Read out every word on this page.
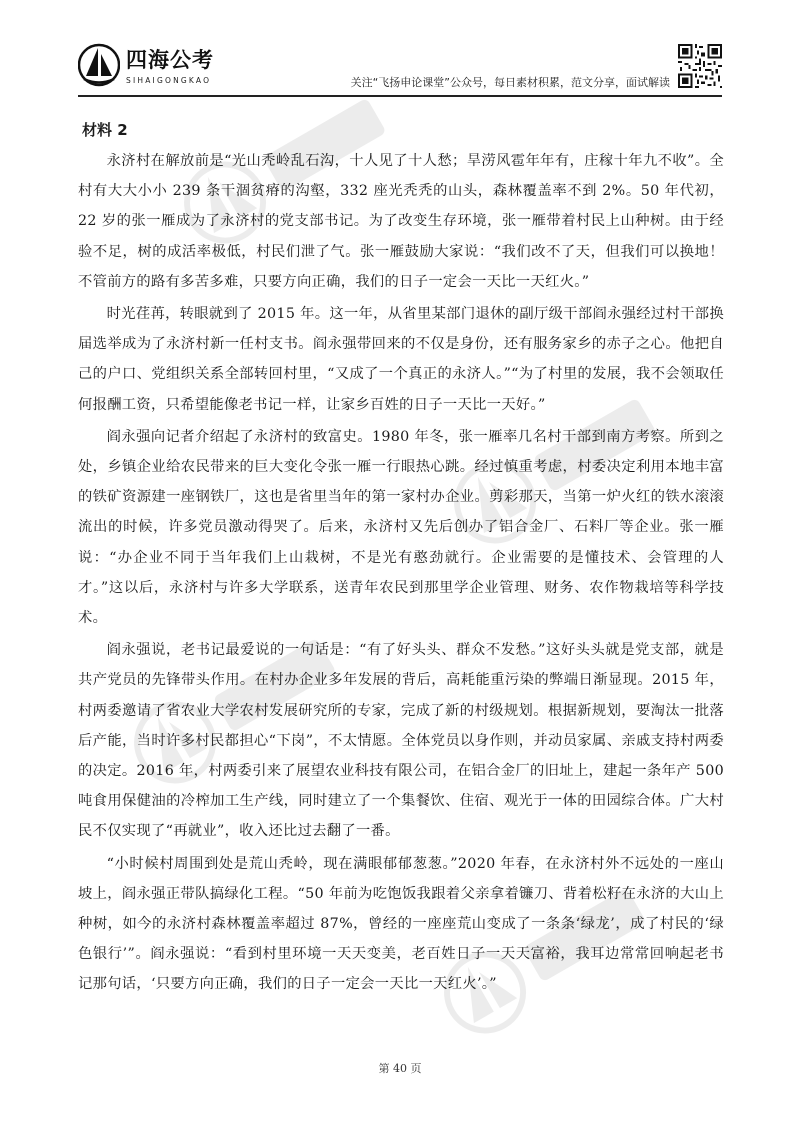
四海公考
SIHAIGONGKAO	关注“飞扬申论课堂”公众号，每日素材积累，范文分享，面试解读
材料 2

永济村在解放前是“光山秃岭乱石沟，十人见了十人愁；旱涝风雹年年有，庄稼十年九不收”。全村有大大小小 239 条干涸贫瘠的沟壑，332 座光秃秃的山头，森林覆盖率不到 2%。50 年代初，22 岁的张一雁成为了永济村的党支部书记。为了改变生存环境，张一雁带着村民上山种树。由于经验不足，树的成活率极低，村民们泄了气。张一雁鼓励大家说：“我们改不了天，但我们可以换地！不管前方的路有多苦多难，只要方向正确，我们的日子一定会一天比一天红火。”

时光荏苒，转眼就到了 2015 年。这一年，从省里某部门退休的副厅级干部阎永强经过村干部换届选举成为了永济村新一任村支书。阎永强带回来的不仅是身份，还有服务家乡的赤子之心。他把自己的户口、党组织关系全部转回村里，“又成了一个真正的永济人。”“为了村里的发展，我不会领取任何报酬工资，只希望能像老书记一样，让家乡百姓的日子一天比一天好。”

阎永强向记者介绍起了永济村的致富史。1980 年冬，张一雁率几名村干部到南方考察。所到之处，乡镇企业给农民带来的巨大变化令张一雁一行眼热心跳。经过慎重考虑，村委决定利用本地丰富的铁矿资源建一座钢铁厂，这也是省里当年的第一家村办企业。剪彩那天，当第一炉火红的铁水滚滚流出的时候，许多党员激动得哭了。后来，永济村又先后创办了铝合金厂、石料厂等企业。张一雁说：“办企业不同于当年我们上山栽树，不是光有憨劲就行。企业需要的是懂技术、会管理的人才。”这以后，永济村与许多大学联系，送青年农民到那里学企业管理、财务、农作物栽培等科学技术。

阎永强说，老书记最爱说的一句话是：“有了好头头、群众不发愁。”这好头头就是党支部，就是共产党员的先锋带头作用。在村办企业多年发展的背后，高耗能重污染的弊端日渐显现。2015 年，村两委邀请了省农业大学农村发展研究所的专家，完成了新的村级规划。根据新规划，要淘汰一批落后产能，当时许多村民都担心“下岗”，不太情愿。全体党员以身作则，并动员家属、亲戚支持村两委的决定。2016 年，村两委引来了展望农业科技有限公司，在铝合金厂的旧址上，建起一条年产 500 吨食用保健油的冷榨加工生产线，同时建立了一个集餐饮、住宿、观光于一体的田园综合体。广大村民不仅实现了“再就业”，收入还比过去翻了一番。

“小时候村周围到处是荒山秃岭，现在满眼郁郁葱葱。”2020 年春，在永济村外不远处的一座山坡上，阎永强正带队搞绿化工程。“50 年前为吃饱饭我跟着父亲拿着镰刀、背着松籽在永济的大山上种树，如今的永济村森林覆盖率超过 87%，曾经的一座座荒山变成了一条条‘绿龙’，成了村民的‘绿色银行’”。阎永强说：“看到村里环境一天天变美，老百姓日子一天天富裕，我耳边常常回响起老书记那句话，‘只要方向正确，我们的日子一定会一天比一天红火’。”

第 40 页
